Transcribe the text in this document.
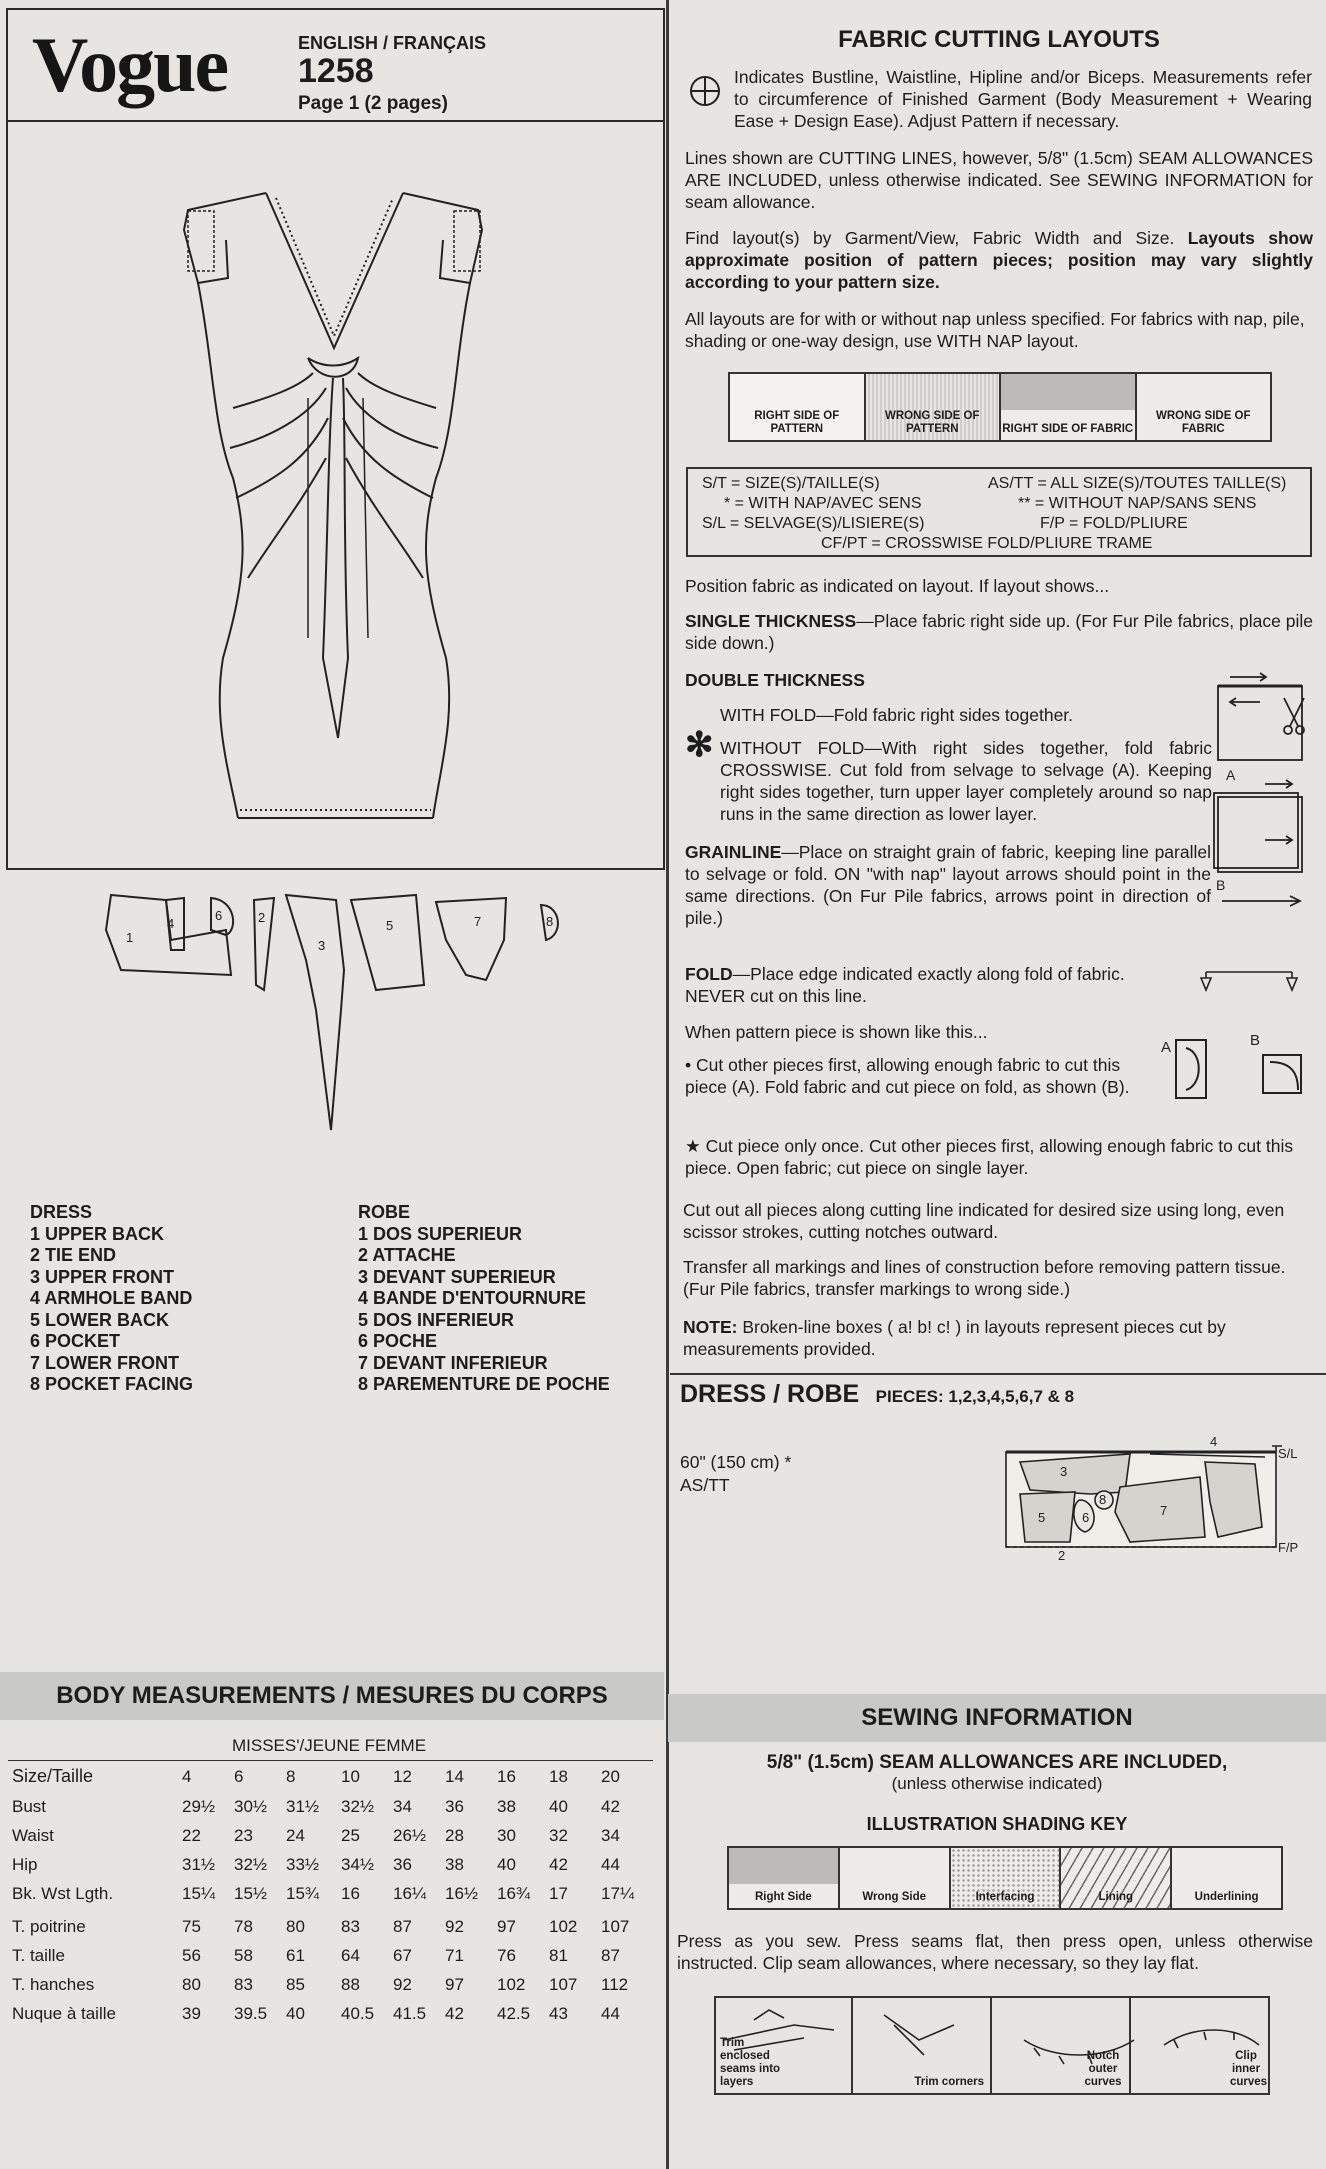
Vogue	ENGLISH / FRANÇAIS
1258
Page 1 (2 pages)
1
4
6	2
3
5	7	8
DRESS
1 UPPER BACK
2 TIE END
3 UPPER FRONT
4 ARMHOLE BAND
5 LOWER BACK
6 POCKET
7 LOWER FRONT
8 POCKET FACING
ROBE
1 DOS SUPERIEUR
2 ATTACHE
3 DEVANT SUPERIEUR
4 BANDE D'ENTOURNURE
5 DOS INFERIEUR
6 POCHE
7 DEVANT INFERIEUR
8 PAREMENTURE DE POCHE
BODY MEASUREMENTS / MESURES DU CORPS
MISSES'/JEUNE FEMME
Size/Taille	4	6	8	10	12	14	16	18	20
Bust	29½	30½	31½	32½	34	36	38	40	42
Waist	22	23	24	25	26½	28	30	32	34
Hip	31½	32½	33½	34½	36	38	40	42	44
Bk. Wst Lgth.	15¼	15½	15¾	16	16¼	16½	16¾	17	17¼
T. poitrine	75	78	80	83	87	92	97	102	107
T. taille	56	58	61	64	67	71	76	81	87
T. hanches	80	83	85	88	92	97	102	107	112
Nuque à taille	39	39.5	40	40.5	41.5	42	42.5	43	44
FABRIC CUTTING LAYOUTS

Indicates Bustline, Waistline, Hipline and/or Biceps. Measurements refer to circumference of Finished Garment (Body Measurement + Wearing Ease + Design Ease). Adjust Pattern if necessary.

Lines shown are CUTTING LINES, however, 5/8" (1.5cm) SEAM ALLOWANCES ARE INCLUDED, unless otherwise indicated. See SEWING INFORMATION for seam allowance.

Find layout(s) by Garment/View, Fabric Width and Size. Layouts show approximate position of pattern pieces; position may vary slightly according to your pattern size.

All layouts are for with or without nap unless specified. For fabrics with nap, pile, shading or one-way design, use WITH NAP layout.

RIGHT SIDE OF PATTERN
WRONG SIDE OF PATTERN	RIGHT SIDE OF FABRIC
WRONG SIDE OF FABRIC
S/T = SIZE(S)/TAILLE(S)
* = WITH NAP/AVEC SENS
S/L = SELVAGE(S)/LISIERE(S)
AS/TT = ALL SIZE(S)/TOUTES TAILLE(S)
** = WITHOUT NAP/SANS SENS
F/P = FOLD/PLIURE
CF/PT = CROSSWISE FOLD/PLIURE TRAME

Position fabric as indicated on layout. If layout shows...

SINGLE THICKNESS—Place fabric right side up. (For Fur Pile fabrics, place pile side down.)

DOUBLE THICKNESS

WITH FOLD—Fold fabric right sides together.

✻ WITHOUT FOLD—With right sides together, fold fabric CROSSWISE. Cut fold from selvage to selvage (A). Keeping right sides together, turn upper layer completely around so nap runs in the same direction as lower layer.

A
B

GRAINLINE—Place on straight grain of fabric, keeping line parallel to selvage or fold. ON "with nap" layout arrows should point in the same directions. (On Fur Pile fabrics, arrows point in direction of pile.)

FOLD—Place edge indicated exactly along fold of fabric. NEVER cut on this line.

When pattern piece is shown like this...

• Cut other pieces first, allowing enough fabric to cut this piece (A). Fold fabric and cut piece on fold, as shown (B).

A	B

★ Cut piece only once. Cut other pieces first, allowing enough fabric to cut this piece. Open fabric; cut piece on single layer.

Cut out all pieces along cutting line indicated for desired size using long, even scissor strokes, cutting notches outward.

Transfer all markings and lines of construction before removing pattern tissue. (Fur Pile fabrics, transfer markings to wrong side.)

NOTE: Broken-line boxes ( a! b! c! ) in layouts represent pieces cut by measurements provided.

DRESS / ROBE PIECES: 1,2,3,4,5,6,7 & 8
60" (150 cm) *
AS/TT
4
S/L
3
8
7
5	6
F/P
2
SEWING INFORMATION
5/8" (1.5cm) SEAM ALLOWANCES ARE INCLUDED,
(unless otherwise indicated)
ILLUSTRATION SHADING KEY
Right Side	Wrong Side	Interfacing	Lining	Underlining

Press as you sew. Press seams flat, then press open, unless otherwise instructed. Clip seam allowances, where necessary, so they lay flat.

Trim enclosed seams into layers	Trim corners
Notch outer curves
Clip inner curves
